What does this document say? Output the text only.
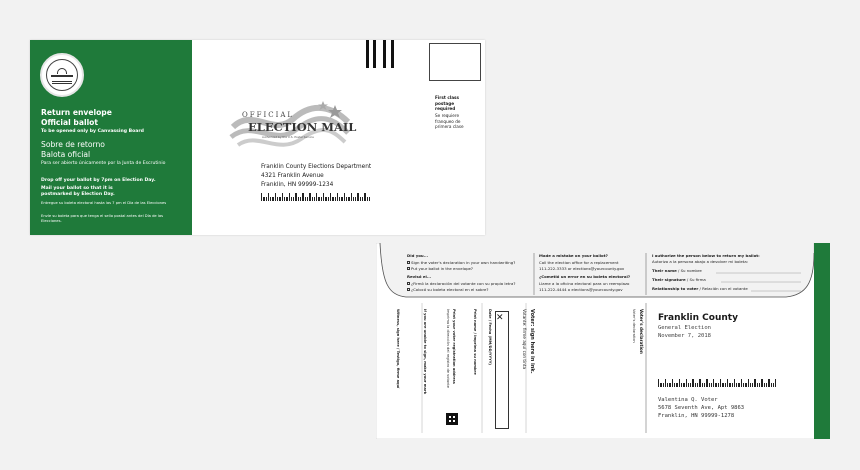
Return envelope
Official ballot
To be opened only by Canvassing Board
Sobre de retorno
Balota oficial
Para ser abierto únicamente por la Junta de Escrutinio
Drop off your ballot by 7pm on Election Day.
Mail your ballot so that it is
postmarked by Election Day.
Entregue su boleta electoral hasta las 7 pm el Día de las Elecciones
Envíe su boleta para que tenga el sello postal antes del Día de las Elecciones.
First class postage required
Se requiere franqueo de primera clase
OFFICIAL
ELECTION MAIL
Authorized by the U.S. Postal Service
Franklin County Elections Department
4321 Franklin Avenue
Franklin, HN 99999-1234
Did you...
Sign the voter's declaration in your own handwriting?
Put your ballot in the envelope?
Revisó el...
¿Firmó la declaración del votante con su propia letra?
¿Colocó su boleta electoral en el sobre?
Made a mistake on your ballot?
Call the election office for a replacement
111-222-3333 or elections@yourcounty.gov
¿Cometió un error en su boleta electoral?
Llame a la oficina electoral para un reemplazo
111-222-4444 o elections@yourcounty.gov
I authorize the person below to return my ballot:
Autorizo a la persona abajo a devolver mi boleta:
Their name / Su nombre
Their signature / Su firma
Relationship to voter / Relación con el votante
Franklin County
General Election
November 7, 2018
Valentina Q. Voter
5678 Seventh Ave, Apt 9863
Franklin, HN 99999-1278
Voter's declaration
Voter's declaration
Voter: sign here in ink.
Votante: firme aquí con tinta
Date / Fecha (MM/DD/YYYY)
Print name / Imprima su nombre
Print your voter registration address
Imprima la dirección del registro de votante
If you are unable to sign, make your mark
Witness, sign here / Testigo, firme aquí
✕
